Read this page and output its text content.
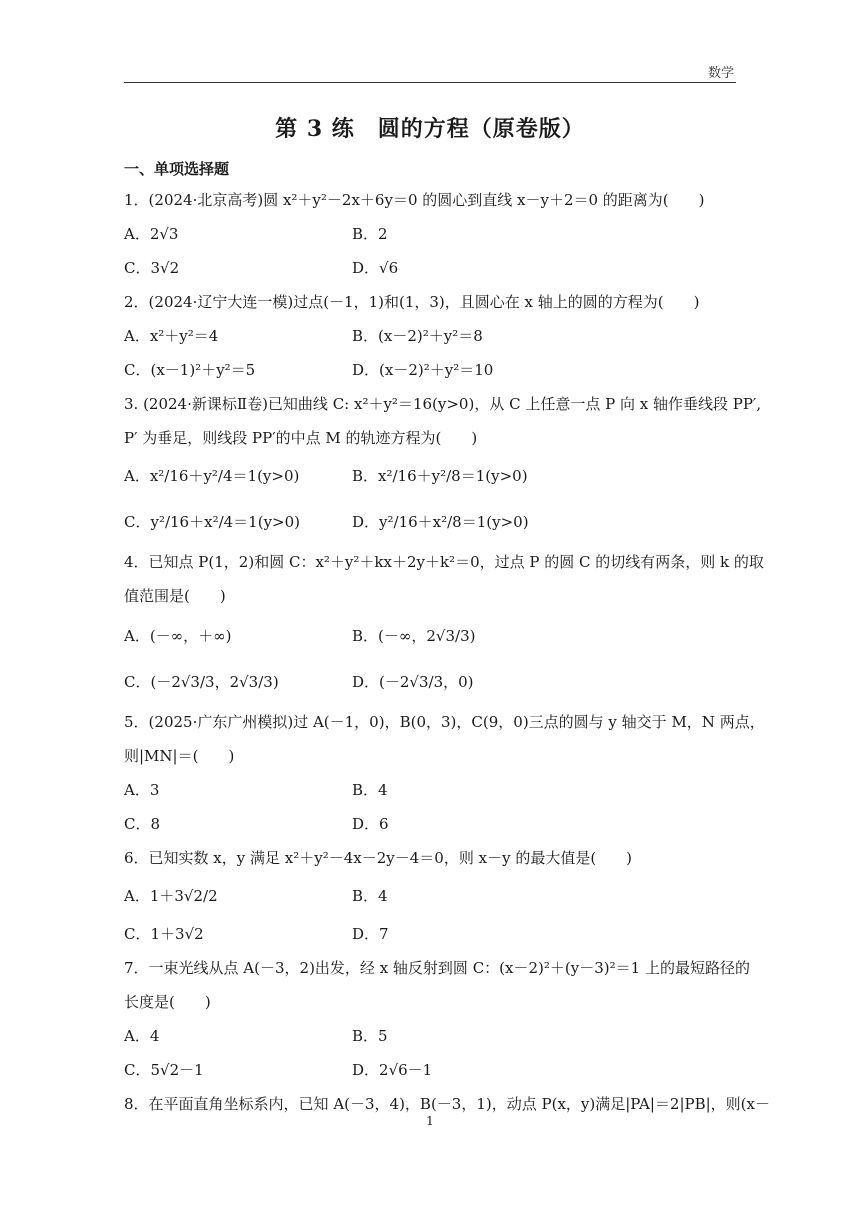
数学
第 3 练　圆的方程（原卷版）
一、单项选择题
1．(2024·北京高考)圆 x²＋y²－2x＋6y＝0 的圆心到直线 x－y＋2＝0 的距离为(　　)
A．2√3	B．2
C．3√2	D．√6
2．(2024·辽宁大连一模)过点(－1，1)和(1，3)，且圆心在 x 轴上的圆的方程为(　　)
A．x²＋y²＝4	B．(x－2)²＋y²＝8
C．(x－1)²＋y²＝5	D．(x－2)²＋y²＝10
3. (2024·新课标Ⅱ卷)已知曲线 C: x²＋y²＝16(y>0)，从 C 上任意一点 P 向 x 轴作垂线段 PP′,
P′ 为垂足，则线段 PP′的中点 M 的轨迹方程为(　　)
A．x²/16＋y²/4＝1(y>0)	B．x²/16＋y²/8＝1(y>0)
C．y²/16＋x²/4＝1(y>0)	D．y²/16＋x²/8＝1(y>0)
4．已知点 P(1，2)和圆 C：x²＋y²＋kx＋2y＋k²＝0，过点 P 的圆 C 的切线有两条，则 k 的取
值范围是(　　)
A．(－∞，＋∞)	B．(－∞，2√3/3)
C．(－2√3/3，2√3/3)	D．(－2√3/3，0)
5．(2025·广东广州模拟)过 A(－1，0)，B(0，3)，C(9，0)三点的圆与 y 轴交于 M，N 两点，
则|MN|＝(　　)
A．3	B．4
C．8	D．6
6．已知实数 x，y 满足 x²＋y²－4x－2y－4＝0，则 x－y 的最大值是(　　)
A．1＋3√2/2	B．4
C．1＋3√2	D．7
7．一束光线从点 A(－3，2)出发，经 x 轴反射到圆 C：(x－2)²＋(y－3)²＝1 上的最短路径的
长度是(　　)
A．4	B．5
C．5√2－1	D．2√6－1
8．在平面直角坐标系内，已知 A(－3，4)，B(－3，1)，动点 P(x，y)满足|PA|＝2|PB|，则(x－
1
